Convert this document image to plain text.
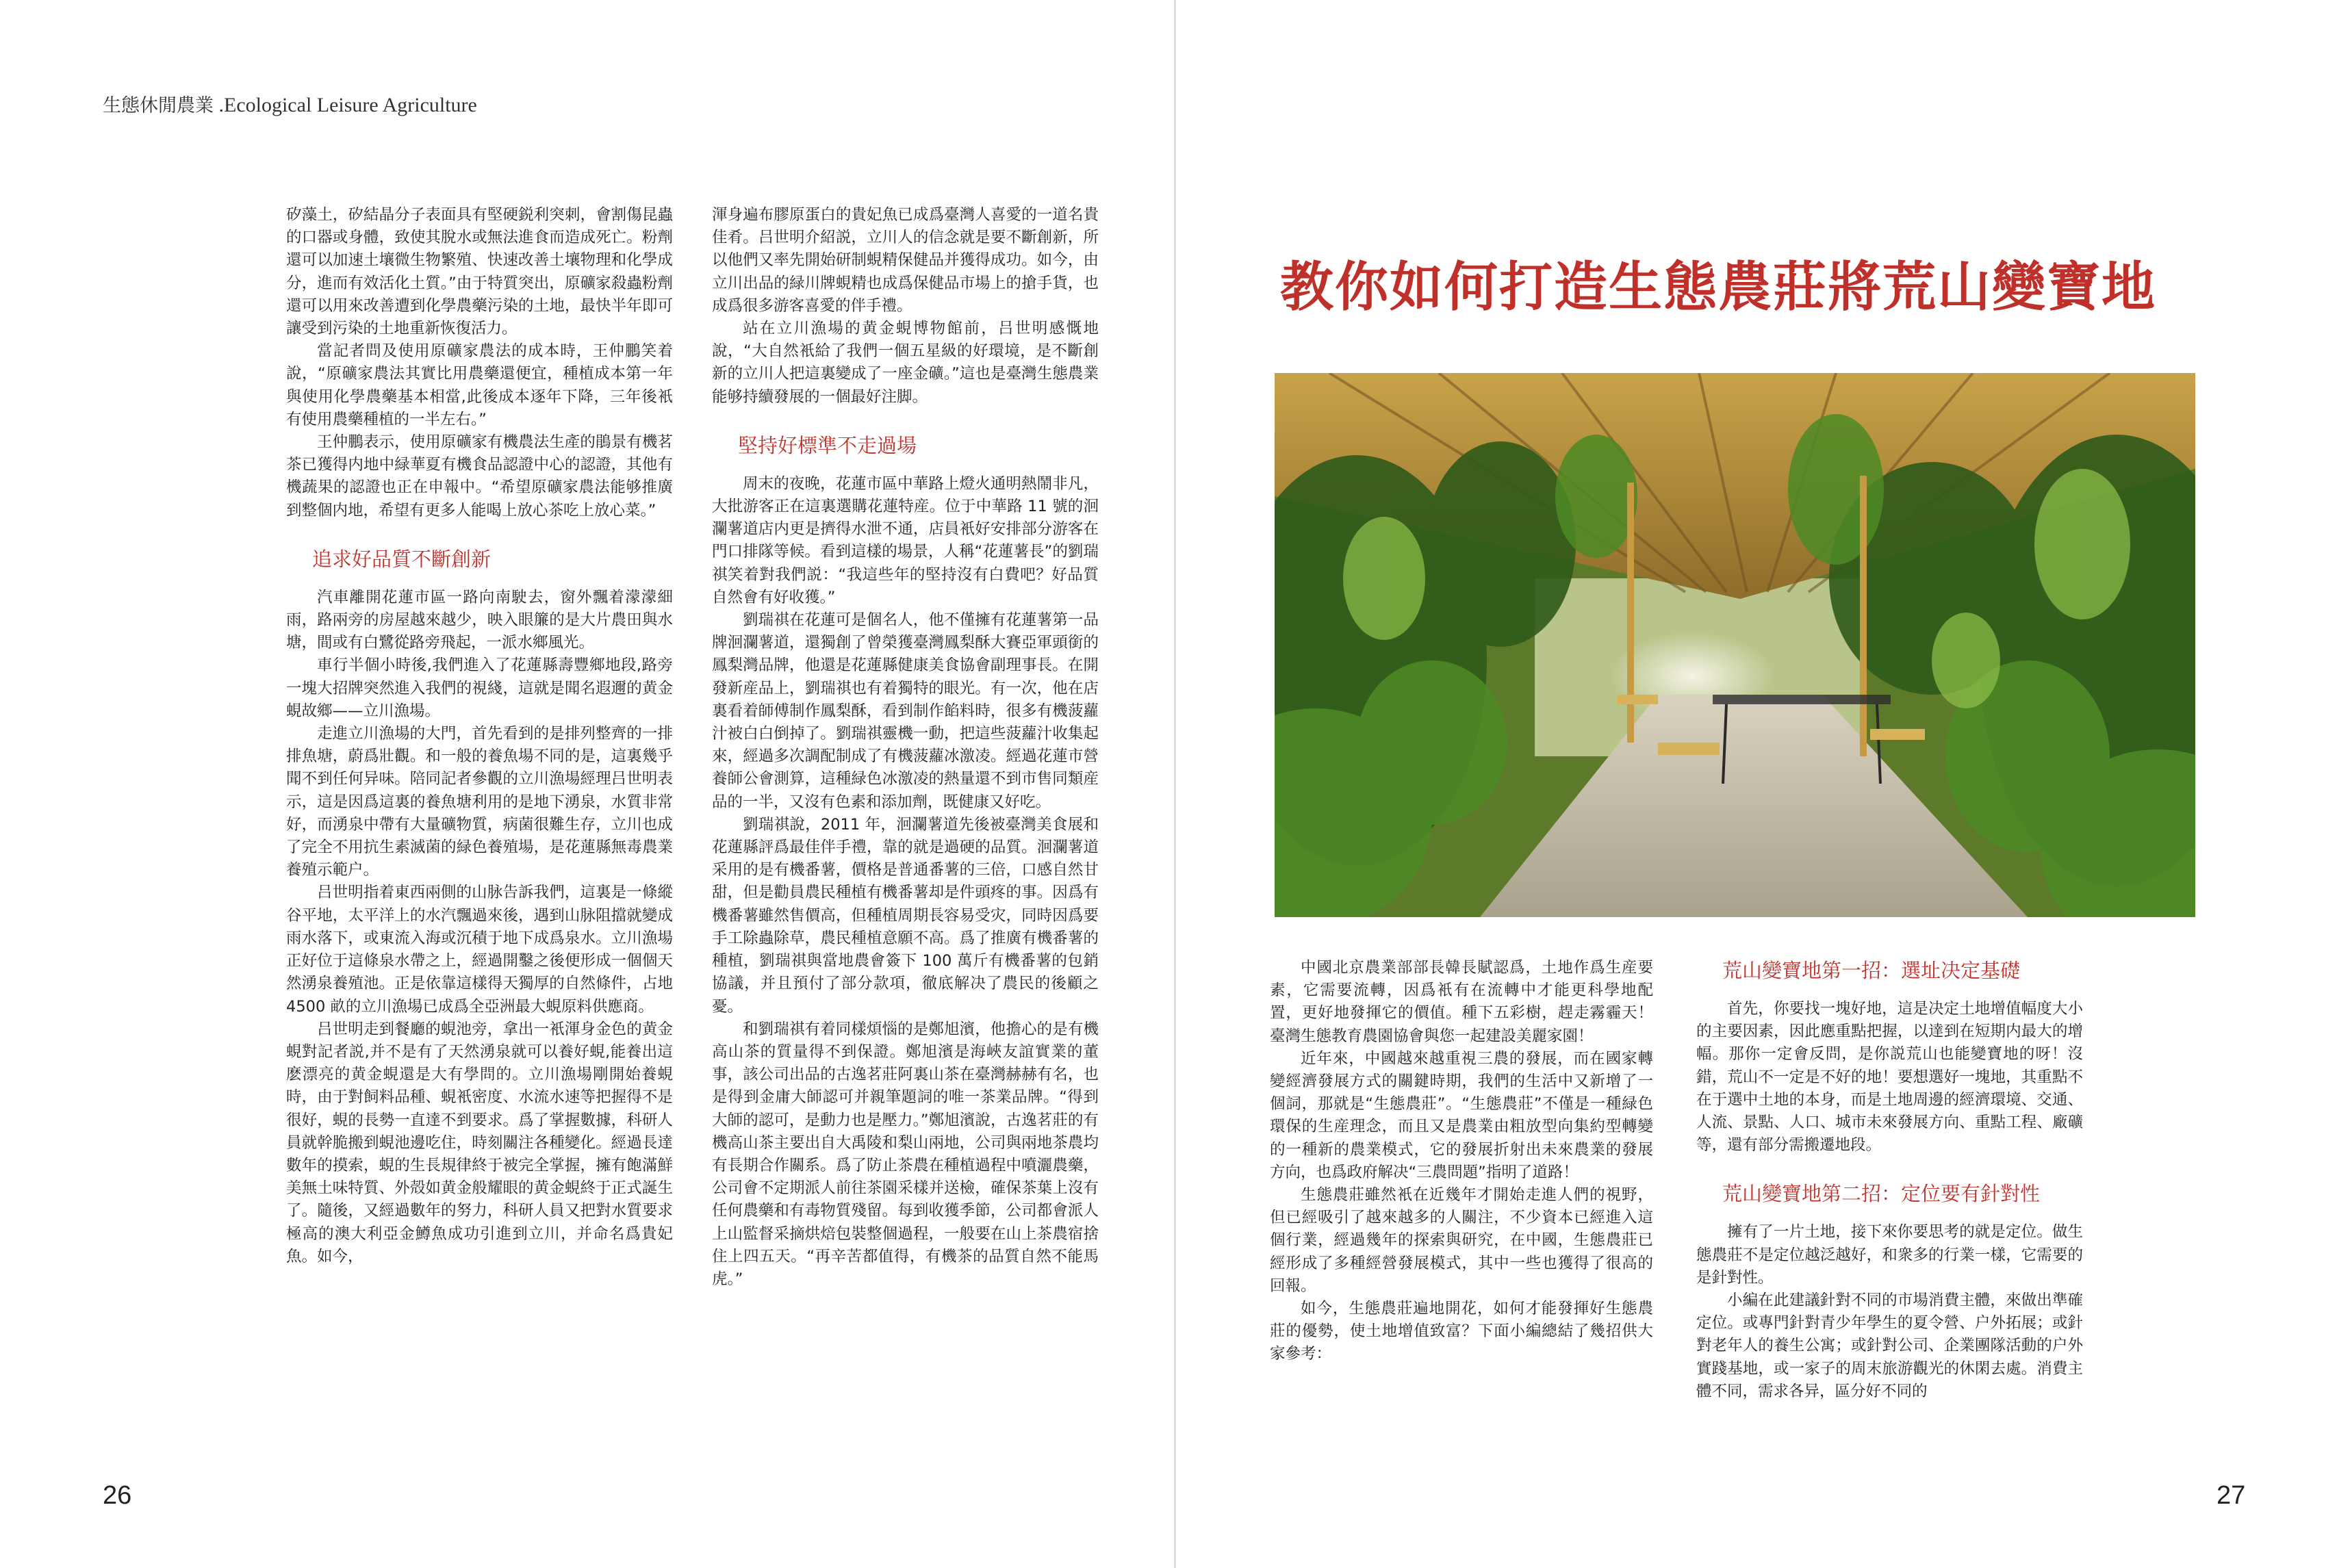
生態休閒農業 .Ecological Leisure Agriculture

矽藻土，矽結晶分子表面具有堅硬鋭利突刺，會割傷昆蟲的口器或身體，致使其脫水或無法進食而造成死亡。粉劑還可以加速土壤微生物繁殖、快速改善土壤物理和化學成分，進而有效活化土質。”由于特質突出，原礦家殺蟲粉劑還可以用來改善遭到化學農藥污染的土地，最快半年即可讓受到污染的土地重新恢復活力。

當記者問及使用原礦家農法的成本時，王仲鵬笑着說，“原礦家農法其實比用農藥還便宜，種植成本第一年與使用化學農藥基本相當,此後成本逐年下降，三年後衹有使用農藥種植的一半左右。”

王仲鵬表示，使用原礦家有機農法生產的鵑景有機茗茶已獲得内地中緑華夏有機食品認證中心的認證，其他有機蔬果的認證也正在申報中。“希望原礦家農法能够推廣到整個内地，希望有更多人能喝上放心茶吃上放心菜。”

追求好品質不斷創新

汽車離開花蓮市區一路向南駛去，窗外飄着濛濛細雨，路兩旁的房屋越來越少，映入眼簾的是大片農田與水塘，間或有白鷺從路旁飛起，一派水鄉風光。

車行半個小時後,我們進入了花蓮縣壽豐鄉地段,路旁一塊大招牌突然進入我們的視綫，這就是聞名遐邇的黄金蜆故鄉——立川漁場。

走進立川漁場的大門，首先看到的是排列整齊的一排排魚塘，蔚爲壯觀。和一般的養魚場不同的是，這裏幾乎聞不到任何异味。陪同記者參觀的立川漁場經理吕世明表示，這是因爲這裏的養魚塘利用的是地下湧泉，水質非常好，而湧泉中帶有大量礦物質，病菌很難生存，立川也成了完全不用抗生素滅菌的緑色養殖場，是花蓮縣無毒農業養殖示範户。

吕世明指着東西兩側的山脉告訴我們，這裏是一條縱谷平地，太平洋上的水汽飄過來後，遇到山脉阻擋就變成雨水落下，或東流入海或沉積于地下成爲泉水。立川漁場正好位于這條泉水帶之上，經過開鑿之後便形成一個個天然湧泉養殖池。正是依靠這樣得天獨厚的自然條件，占地 4500 畝的立川漁場已成爲全亞洲最大蜆原料供應商。

吕世明走到餐廳的蜆池旁，拿出一衹渾身金色的黄金蜆對記者説,并不是有了天然湧泉就可以養好蜆,能養出這麽漂亮的黄金蜆還是大有學問的。立川漁場剛開始養蜆時，由于對飼料品種、蜆衹密度、水流水速等把握得不是很好，蜆的長勢一直達不到要求。爲了掌握數據，科研人員就幹脆搬到蜆池邊吃住，時刻關注各種變化。經過長達數年的摸索，蜆的生長規律終于被完全掌握，擁有飽滿鮮美無土味特質、外殻如黄金般耀眼的黄金蜆終于正式誕生了。隨後，又經過數年的努力，科研人員又把對水質要求極高的澳大利亞金鱒魚成功引進到立川，并命名爲貴妃魚。如今，

渾身遍布膠原蛋白的貴妃魚已成爲臺灣人喜愛的一道名貴佳肴。吕世明介紹説，立川人的信念就是要不斷創新，所以他們又率先開始研制蜆精保健品并獲得成功。如今，由立川出品的緑川牌蜆精也成爲保健品市場上的搶手貨，也成爲很多游客喜愛的伴手禮。

站在立川漁場的黄金蜆博物館前，吕世明感慨地說，“大自然衹給了我們一個五星級的好環境，是不斷創新的立川人把這裏變成了一座金礦。”這也是臺灣生態農業能够持續發展的一個最好注脚。

堅持好標準不走過場

周末的夜晚，花蓮市區中華路上燈火通明熱鬧非凡，大批游客正在這裏選購花蓮特産。位于中華路 11 號的洄瀾薯道店内更是擠得水泄不通，店員衹好安排部分游客在門口排隊等候。看到這樣的場景，人稱“花蓮薯長”的劉瑞祺笑着對我們説：“我這些年的堅持沒有白費吧？好品質自然會有好收獲。”

劉瑞祺在花蓮可是個名人，他不僅擁有花蓮薯第一品牌洄瀾薯道，還獨創了曾榮獲臺灣鳳梨酥大賽亞軍頭銜的鳳梨灣品牌，他還是花蓮縣健康美食協會副理事長。在開發新産品上，劉瑞祺也有着獨特的眼光。有一次，他在店裏看着師傅制作鳳梨酥，看到制作餡料時，很多有機菠蘿汁被白白倒掉了。劉瑞祺靈機一動，把這些菠蘿汁收集起來，經過多次調配制成了有機菠蘿冰激凌。經過花蓮市營養師公會測算，這種緑色冰激凌的熱量還不到市售同類産品的一半，又沒有色素和添加劑，既健康又好吃。

劉瑞祺說，2011 年，洄瀾薯道先後被臺灣美食展和花蓮縣評爲最佳伴手禮，靠的就是過硬的品質。洄瀾薯道采用的是有機番薯，價格是普通番薯的三倍，口感自然甘甜，但是勸員農民種植有機番薯却是件頭疼的事。因爲有機番薯雖然售價高，但種植周期長容易受灾，同時因爲要手工除蟲除草，農民種植意願不高。爲了推廣有機番薯的種植，劉瑞祺與當地農會簽下 100 萬斤有機番薯的包銷協議，并且預付了部分款項，徹底解决了農民的後顧之憂。

和劉瑞祺有着同樣煩惱的是鄭旭濱，他擔心的是有機高山茶的質量得不到保證。鄭旭濱是海峽友誼實業的董事，該公司出品的古逸茗莊阿裏山茶在臺灣赫赫有名，也是得到金庸大師認可并親筆題詞的唯一茶業品牌。“得到大師的認可，是動力也是壓力。”鄭旭濱說，古逸茗莊的有機高山茶主要出自大禹陵和梨山兩地，公司與兩地茶農均有長期合作關系。爲了防止茶農在種植過程中噴灑農藥，公司會不定期派人前往茶園采樣并送檢，確保茶葉上沒有任何農藥和有毒物質殘留。每到收獲季節，公司都會派人上山監督采摘烘焙包裝整個過程，一般要在山上茶農宿捨住上四五天。“再辛苦都值得，有機茶的品質自然不能馬虎。”

26
教你如何打造生態農莊將荒山變寶地

中國北京農業部部長韓長賦認爲，土地作爲生産要素，它需要流轉，因爲衹有在流轉中才能更科學地配置，更好地發揮它的價值。種下五彩樹，趕走霧霾天！臺灣生態教育農園協會與您一起建設美麗家園！

近年來，中國越來越重視三農的發展，而在國家轉變經濟發展方式的關鍵時期，我們的生活中又新增了一個詞，那就是“生態農莊”。“生態農莊”不僅是一種緑色環保的生産理念，而且又是農業由粗放型向集約型轉變的一種新的農業模式，它的發展折射出未來農業的發展方向，也爲政府解决“三農問題”指明了道路！

生態農莊雖然衹在近幾年才開始走進人們的視野，但已經吸引了越來越多的人關注，不少資本已經進入這個行業，經過幾年的探索與研究，在中國，生態農莊已經形成了多種經營發展模式，其中一些也獲得了很高的回報。

如今，生態農莊遍地開花，如何才能發揮好生態農莊的優勢，使土地增值致富？下面小編總結了幾招供大家參考：

荒山變寶地第一招：選址决定基礎

首先，你要找一塊好地，這是决定土地增值幅度大小的主要因素，因此應重點把握，以達到在短期内最大的增幅。那你一定會反問，是你説荒山也能變寶地的呀！沒錯，荒山不一定是不好的地！要想選好一塊地，其重點不在于選中土地的本身，而是土地周邊的經濟環境、交通、人流、景點、人口、城市未來發展方向、重點工程、廠礦等，還有部分需搬遷地段。

荒山變寶地第二招：定位要有針對性

擁有了一片土地，接下來你要思考的就是定位。做生態農莊不是定位越泛越好，和衆多的行業一樣，它需要的是針對性。

小編在此建議針對不同的市場消費主體，來做出準確定位。或專門針對青少年學生的夏令營、户外拓展；或針對老年人的養生公寓；或針對公司、企業團隊活動的户外實踐基地，或一家子的周末旅游觀光的休閑去處。消費主體不同，需求各异，區分好不同的

27
